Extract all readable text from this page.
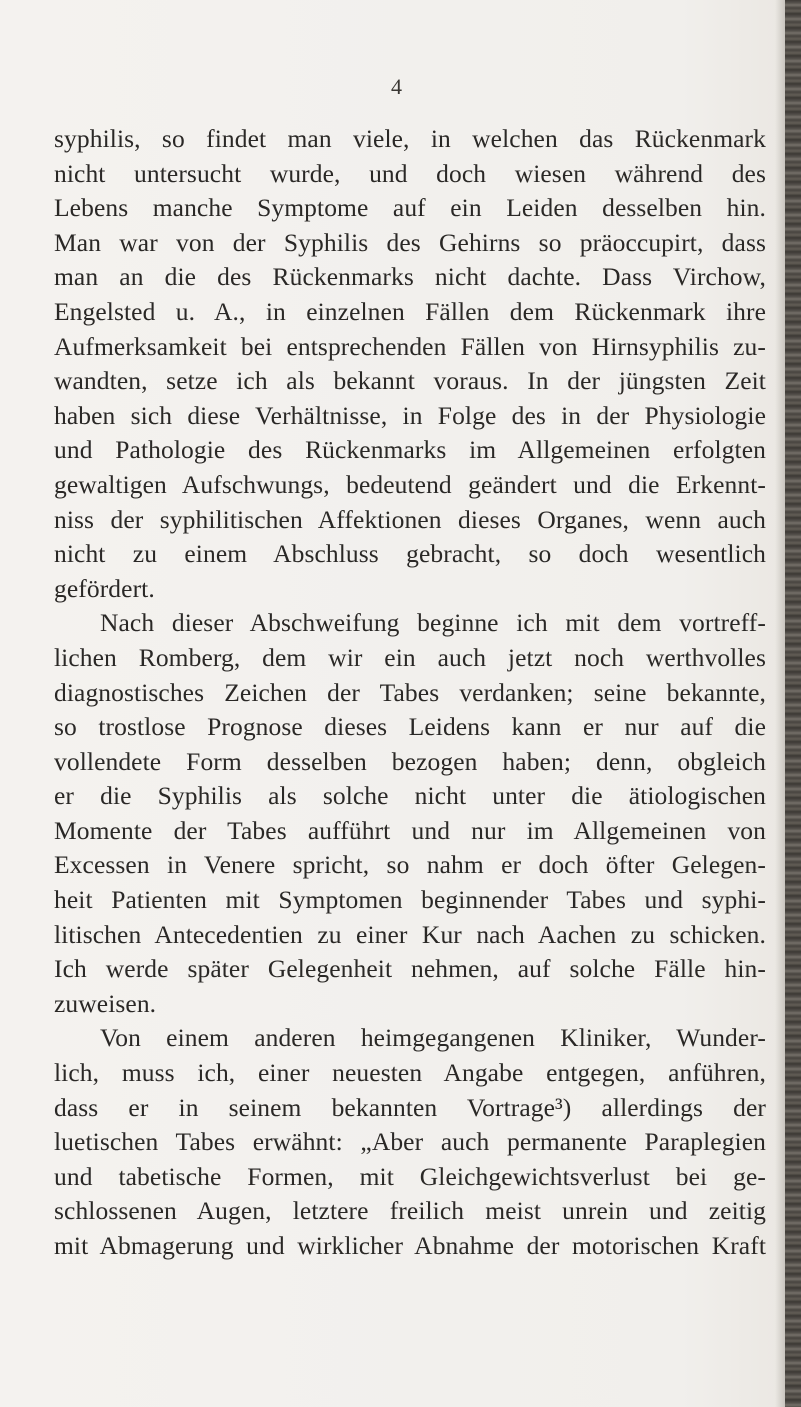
4
syphilis, so findet man viele, in welchen das Rückenmark
nicht untersucht wurde, und doch wiesen während des
Lebens manche Symptome auf ein Leiden desselben hin.
Man war von der Syphilis des Gehirns so präoccupirt, dass
man an die des Rückenmarks nicht dachte. Dass Virchow,
Engelsted u. A., in einzelnen Fällen dem Rückenmark ihre
Aufmerksamkeit bei entsprechenden Fällen von Hirnsyphilis zu-
wandten, setze ich als bekannt voraus. In der jüngsten Zeit
haben sich diese Verhältnisse, in Folge des in der Physiologie
und Pathologie des Rückenmarks im Allgemeinen erfolgten
gewaltigen Aufschwungs, bedeutend geändert und die Erkennt-
niss der syphilitischen Affektionen dieses Organes, wenn auch
nicht zu einem Abschluss gebracht, so doch wesentlich
gefördert.
Nach dieser Abschweifung beginne ich mit dem vortreff-
lichen Romberg, dem wir ein auch jetzt noch werthvolles
diagnostisches Zeichen der Tabes verdanken; seine bekannte,
so trostlose Prognose dieses Leidens kann er nur auf die
vollendete Form desselben bezogen haben; denn, obgleich
er die Syphilis als solche nicht unter die ätiologischen
Momente der Tabes aufführt und nur im Allgemeinen von
Excessen in Venere spricht, so nahm er doch öfter Gelegen-
heit Patienten mit Symptomen beginnender Tabes und syphi-
litischen Antecedentien zu einer Kur nach Aachen zu schicken.
Ich werde später Gelegenheit nehmen, auf solche Fälle hin-
zuweisen.
Von einem anderen heimgegangenen Kliniker, Wunder-
lich, muss ich, einer neuesten Angabe entgegen, anführen,
dass er in seinem bekannten Vortrage³) allerdings der
luetischen Tabes erwähnt: „Aber auch permanente Paraplegien
und tabetische Formen, mit Gleichgewichtsverlust bei ge-
schlossenen Augen, letztere freilich meist unrein und zeitig
mit Abmagerung und wirklicher Abnahme der motorischen Kraft
